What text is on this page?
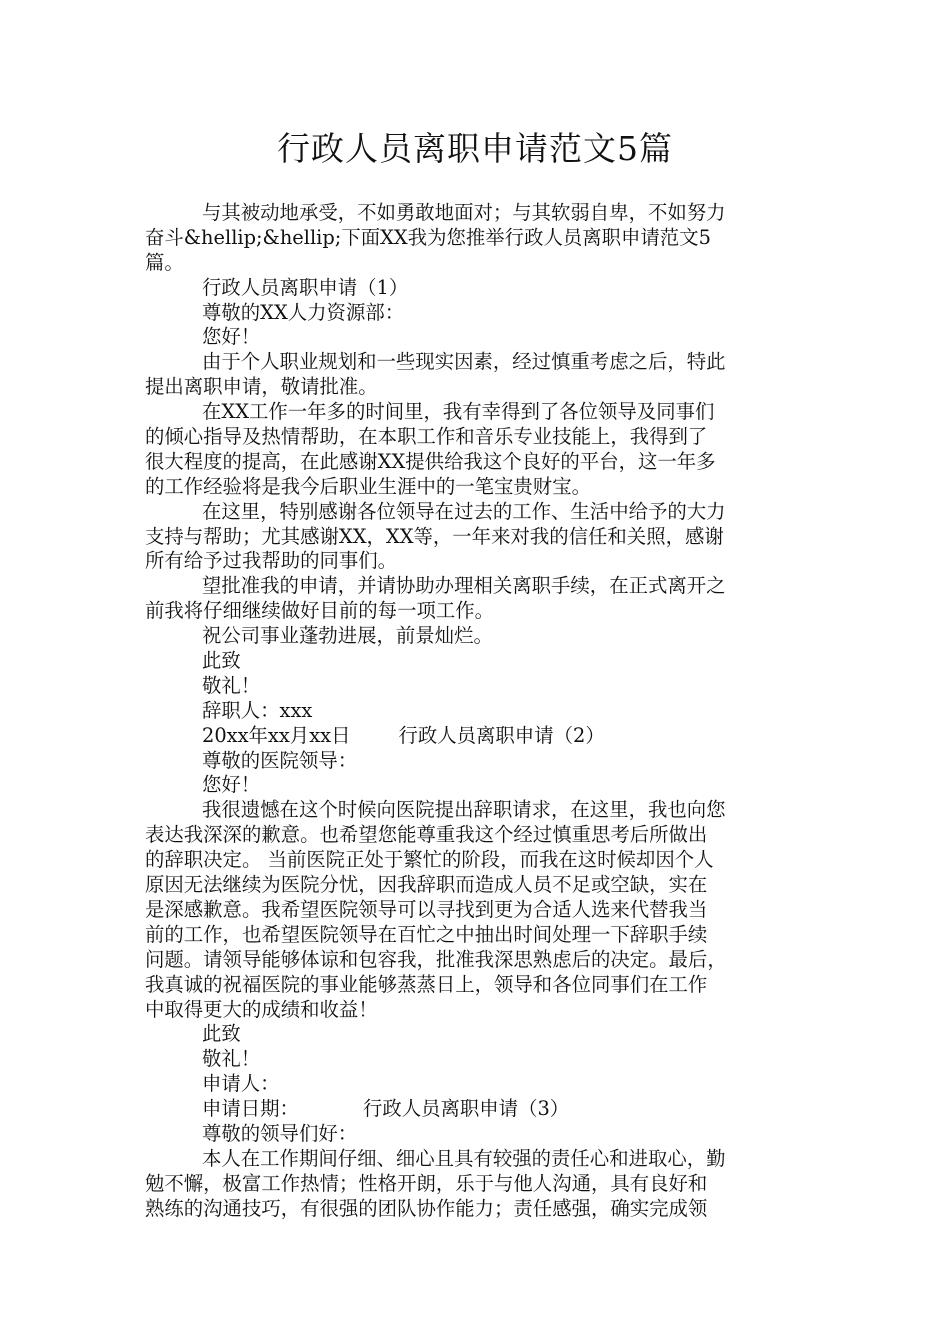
行政人员离职申请范文5篇
与其被动地承受，不如勇敢地面对；与其软弱自卑，不如努力
奋斗&hellip;&hellip;下面XX我为您推举行政人员离职申请范文5
篇。
行政人员离职申请（1）
尊敬的XX人力资源部：
您好！
由于个人职业规划和一些现实因素，经过慎重考虑之后，特此
提出离职申请，敬请批准。
在XX工作一年多的时间里，我有幸得到了各位领导及同事们
的倾心指导及热情帮助，在本职工作和音乐专业技能上，我得到了
很大程度的提高，在此感谢XX提供给我这个良好的平台，这一年多
的工作经验将是我今后职业生涯中的一笔宝贵财宝。
在这里，特别感谢各位领导在过去的工作、生活中给予的大力
支持与帮助；尤其感谢XX，XX等，一年来对我的信任和关照，感谢
所有给予过我帮助的同事们。
望批准我的申请，并请协助办理相关离职手续，在正式离开之
前我将仔细继续做好目前的每一项工作。
祝公司事业蓬勃进展，前景灿烂。
此致
敬礼！
辞职人：xxx
20xx年xx月xx日 行政人员离职申请（2）
尊敬的医院领导：
您好！
我很遗憾在这个时候向医院提出辞职请求，在这里，我也向您
表达我深深的歉意。也希望您能尊重我这个经过慎重思考后所做出
的辞职决定。 当前医院正处于繁忙的阶段，而我在这时候却因个人
原因无法继续为医院分忧，因我辞职而造成人员不足或空缺，实在
是深感歉意。我希望医院领导可以寻找到更为合适人选来代替我当
前的工作，也希望医院领导在百忙之中抽出时间处理一下辞职手续
问题。请领导能够体谅和包容我，批准我深思熟虑后的决定。最后，
我真诚的祝福医院的事业能够蒸蒸日上，领导和各位同事们在工作
中取得更大的成绩和收益！
此致
敬礼！
申请人：
申请日期：	行政人员离职申请（3）
尊敬的领导们好：
本人在工作期间仔细、细心且具有较强的责任心和进取心，勤
勉不懈，极富工作热情；性格开朗，乐于与他人沟通，具有良好和
熟练的沟通技巧，有很强的团队协作能力；责任感强，确实完成领
